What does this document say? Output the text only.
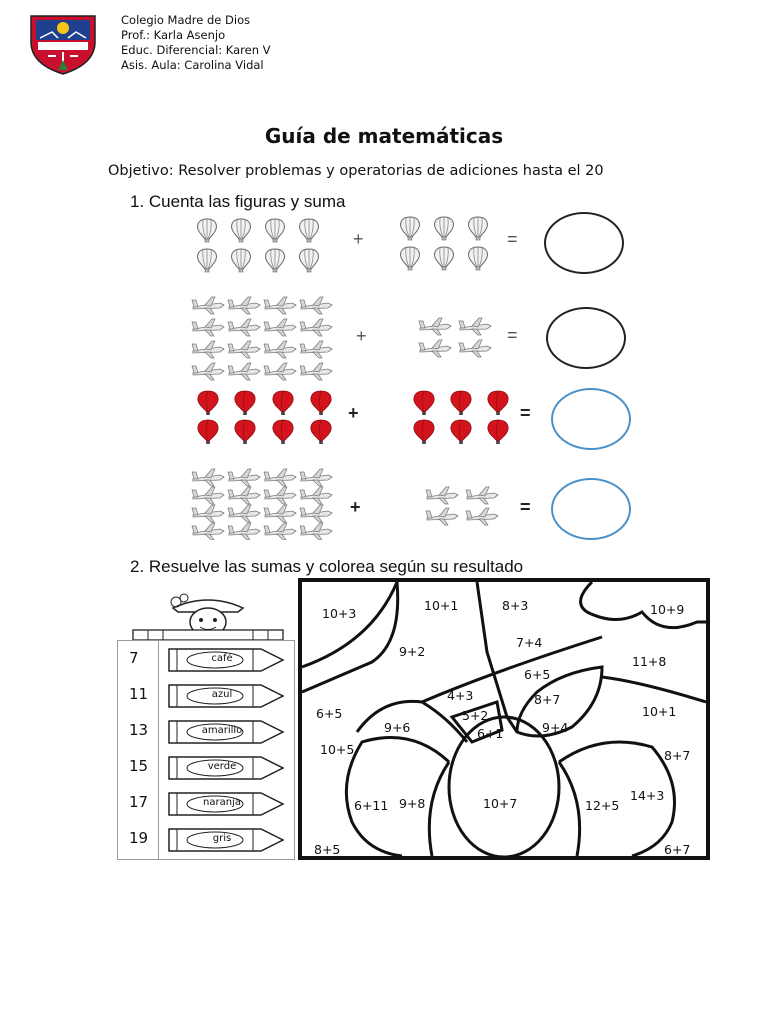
Colegio Madre de Dios
Prof.: Karla Asenjo
Educ. Diferencial: Karen V
Asis. Aula: Carolina Vidal
Guía de matemáticas
Objetivo: Resolver problemas y operatorias de adiciones hasta el 20
1. Cuenta las figuras y suma
+	=
+	=
+	=
+	=
2. Resuelve las sumas y colorea según su resultado
7	café
11	azul
13	amarillo
15	verde
17	naranja
19	gris
10+3
10+1	8+3	10+9
9+2
7+4
11+8
6+5
4+3	8+7
6+5
9+6
5+2
6+1	9+4
10+1
10+5	8+7
6+11 9+8	10+7	12+5
14+3
8+5	6+7
